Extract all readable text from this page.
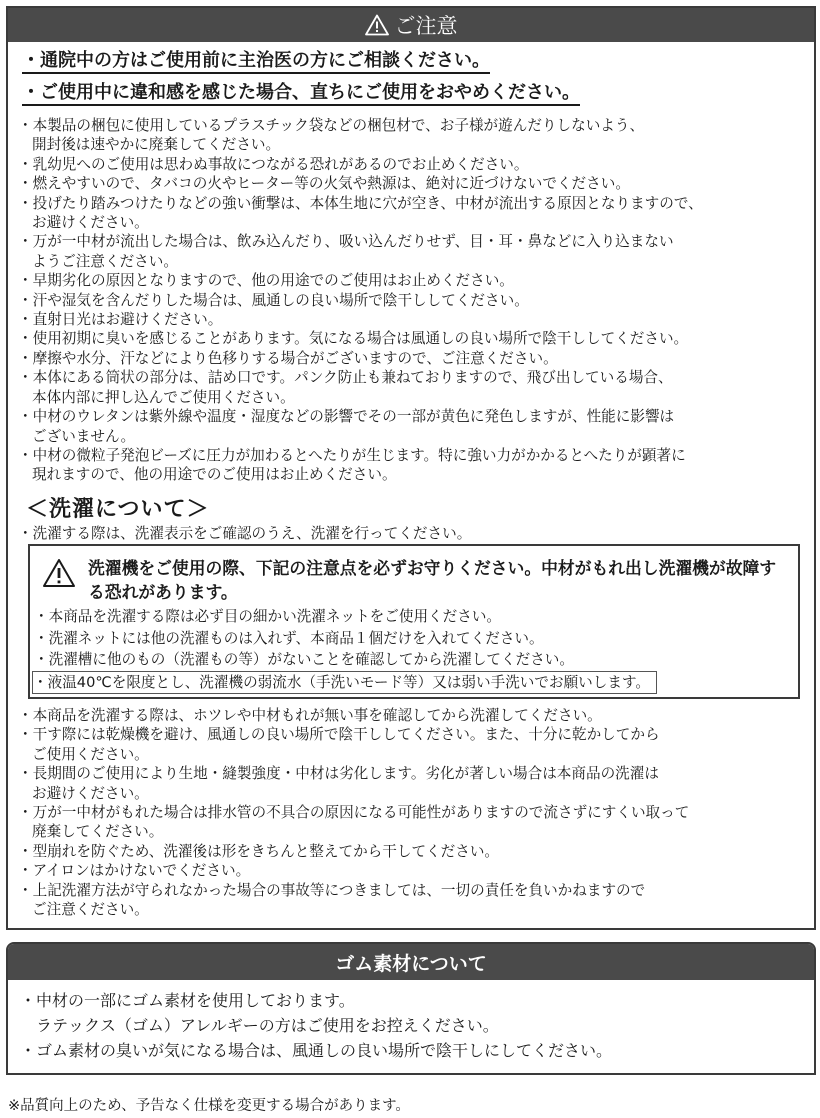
ご注意
・通院中の方はご使用前に主治医の方にご相談ください。
・ご使用中に違和感を感じた場合、直ちにご使用をおやめください。
・本製品の梱包に使用しているプラスチック袋などの梱包材で、お子様が遊んだりしないよう、
開封後は速やかに廃棄してください。
・乳幼児へのご使用は思わぬ事故につながる恐れがあるのでお止めください。
・燃えやすいので、タバコの火やヒーター等の火気や熱源は、絶対に近づけないでください。
・投げたり踏みつけたりなどの強い衝撃は、本体生地に穴が空き、中材が流出する原因となりますので、
お避けください。
・万が一中材が流出した場合は、飲み込んだり、吸い込んだりせず、目・耳・鼻などに入り込まない
ようご注意ください。
・早期劣化の原因となりますので、他の用途でのご使用はお止めください。
・汗や湿気を含んだりした場合は、風通しの良い場所で陰干ししてください。
・直射日光はお避けください。
・使用初期に臭いを感じることがあります。気になる場合は風通しの良い場所で陰干ししてください。
・摩擦や水分、汗などにより色移りする場合がございますので、ご注意ください。
・本体にある筒状の部分は、詰め口です。パンク防止も兼ねておりますので、飛び出している場合、
本体内部に押し込んでご使用ください。
・中材のウレタンは紫外線や温度・湿度などの影響でその一部が黄色に発色しますが、性能に影響は
ございません。
・中材の微粒子発泡ビーズに圧力が加わるとへたりが生じます。特に強い力がかかるとへたりが顕著に
現れますので、他の用途でのご使用はお止めください。
＜洗濯について＞
・洗濯する際は、洗濯表示をご確認のうえ、洗濯を行ってください。
洗濯機をご使用の際、下記の注意点を必ずお守りください。中材がもれ出し洗濯機が故障する恐れがあります。
・本商品を洗濯する際は必ず目の細かい洗濯ネットをご使用ください。
・洗濯ネットには他の洗濯ものは入れず、本商品１個だけを入れてください。
・洗濯槽に他のもの（洗濯もの等）がないことを確認してから洗濯してください。
・液温40℃を限度とし、洗濯機の弱流水（手洗いモード等）又は弱い手洗いでお願いします。
・本商品を洗濯する際は、ホツレや中材もれが無い事を確認してから洗濯してください。
・干す際には乾燥機を避け、風通しの良い場所で陰干ししてください。また、十分に乾かしてから
ご使用ください。
・長期間のご使用により生地・縫製強度・中材は劣化します。劣化が著しい場合は本商品の洗濯は
お避けください。
・万が一中材がもれた場合は排水管の不具合の原因になる可能性がありますので流さずにすくい取って
廃棄してください。
・型崩れを防ぐため、洗濯後は形をきちんと整えてから干してください。
・アイロンはかけないでください。
・上記洗濯方法が守られなかった場合の事故等につきましては、一切の責任を負いかねますので
ご注意ください。
ゴム素材について
・中材の一部にゴム素材を使用しております。
ラテックス（ゴム）アレルギーの方はご使用をお控えください。
・ゴム素材の臭いが気になる場合は、風通しの良い場所で陰干しにしてください。
※品質向上のため、予告なく仕様を変更する場合があります。
